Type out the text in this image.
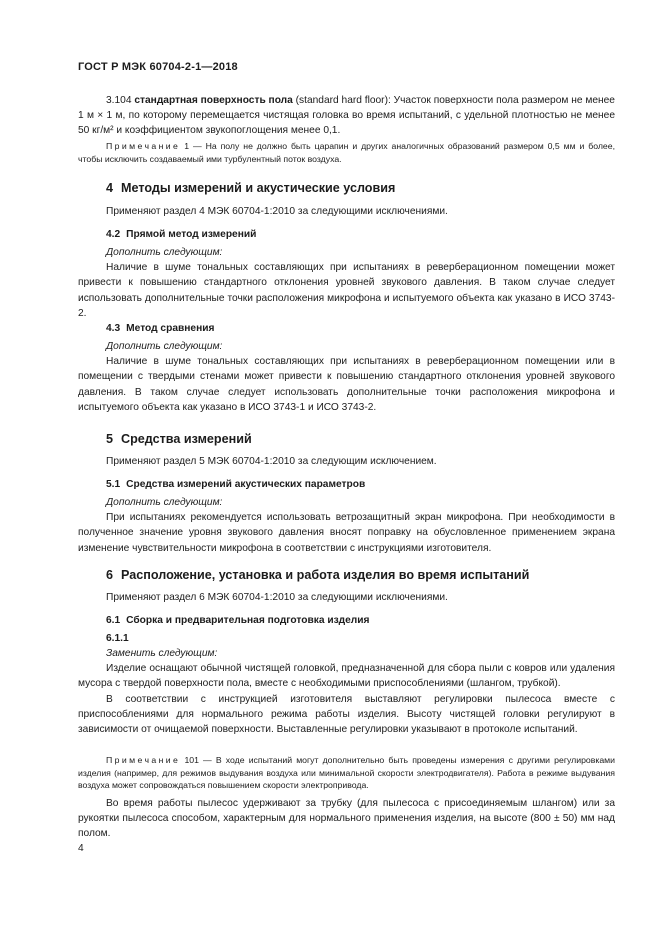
ГОСТ Р МЭК 60704-2-1—2018

3.104 стандартная поверхность пола (standard hard floor): Участок поверхности пола размером не менее 1 м × 1 м, по которому перемещается чистящая головка во время испытаний, с удельной плотностью не менее 50 кг/м² и коэффициентом звукопоглощения менее 0,1.

Примечание 1 — На полу не должно быть царапин и других аналогичных образований размером 0,5 мм и более, чтобы исключить создаваемый ими турбулентный поток воздуха.

4 Методы измерений и акустические условия

Применяют раздел 4 МЭК 60704-1:2010 за следующими исключениями.

4.2 Прямой метод измерений

Дополнить следующим:

Наличие в шуме тональных составляющих при испытаниях в реверберационном помещении может привести к повышению стандартного отклонения уровней звукового давления. В таком случае следует использовать дополнительные точки расположения микрофона и испытуемого объекта как указано в ИСО 3743-2.

4.3 Метод сравнения

Дополнить следующим:

Наличие в шуме тональных составляющих при испытаниях в реверберационном помещении или в помещении с твердыми стенами может привести к повышению стандартного отклонения уровней звукового давления. В таком случае следует использовать дополнительные точки расположения микрофона и испытуемого объекта как указано в ИСО 3743-1 и ИСО 3743-2.

5 Средства измерений

Применяют раздел 5 МЭК 60704-1:2010 за следующим исключением.

5.1 Средства измерений акустических параметров

Дополнить следующим:

При испытаниях рекомендуется использовать ветрозащитный экран микрофона. При необходимости в полученное значение уровня звукового давления вносят поправку на обусловленное применением экрана изменение чувствительности микрофона в соответствии с инструкциями изготовителя.

6 Расположение, установка и работа изделия во время испытаний

Применяют раздел 6 МЭК 60704-1:2010 за следующими исключениями.

6.1 Сборка и предварительная подготовка изделия

6.1.1

Заменить следующим:

Изделие оснащают обычной чистящей головкой, предназначенной для сбора пыли с ковров или удаления мусора с твердой поверхности пола, вместе с необходимыми приспособлениями (шлангом, трубкой).

В соответствии с инструкцией изготовителя выставляют регулировки пылесоса вместе с приспособлениями для нормального режима работы изделия. Высоту чистящей головки регулируют в зависимости от очищаемой поверхности. Выставленные регулировки указывают в протоколе испытаний.

Примечание 101 — В ходе испытаний могут дополнительно быть проведены измерения с другими регулировками изделия (например, для режимов выдувания воздуха или минимальной скорости электродвигателя). Работа в режиме выдувания воздуха может сопровождаться повышением скорости электропривода.

Во время работы пылесос удерживают за трубку (для пылесоса с присоединяемым шлангом) или за рукоятки пылесоса способом, характерным для нормального применения изделия, на высоте (800 ± 50) мм над полом.

4
